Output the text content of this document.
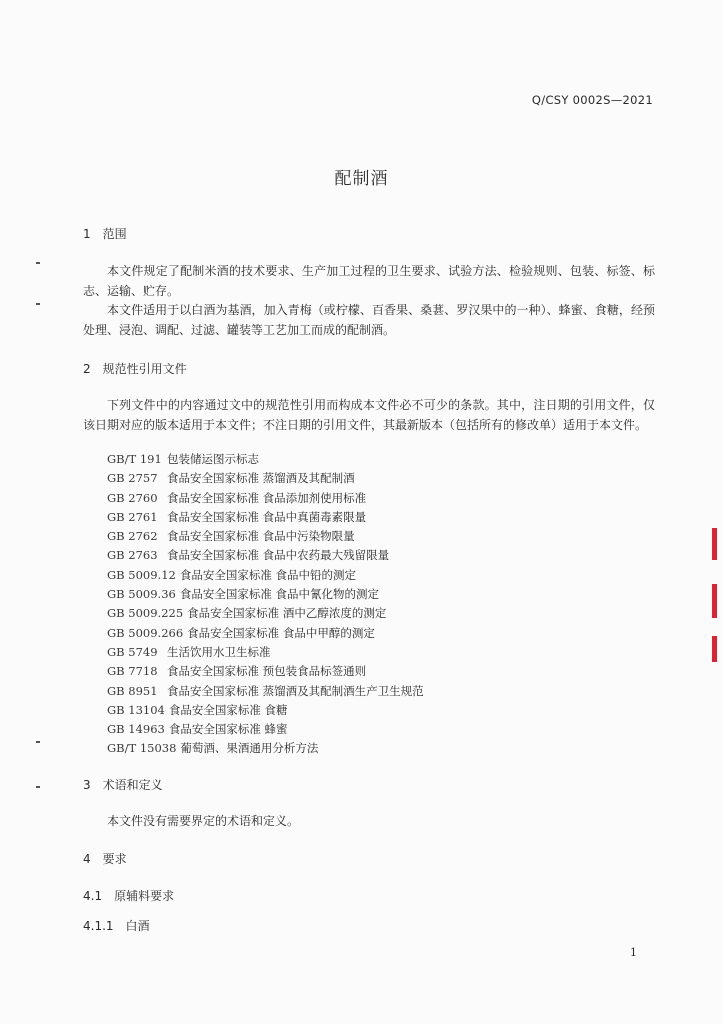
Q/CSY 0002S—2021
配制酒
1 范围
本文件规定了配制米酒的技术要求、生产加工过程的卫生要求、试验方法、检验规则、包装、标签、标志、运输、贮存。
本文件适用于以白酒为基酒，加入青梅（或柠檬、百香果、桑葚、罗汉果中的一种）、蜂蜜、食糖，经预处理、浸泡、调配、过滤、罐装等工艺加工而成的配制酒。
2 规范性引用文件
下列文件中的内容通过文中的规范性引用而构成本文件必不可少的条款。其中，注日期的引用文件，仅该日期对应的版本适用于本文件；不注日期的引用文件，其最新版本（包括所有的修改单）适用于本文件。
GB/T 191 包装储运图示标志
GB 2757 食品安全国家标准 蒸馏酒及其配制酒
GB 2760 食品安全国家标准 食品添加剂使用标准
GB 2761 食品安全国家标准 食品中真菌毒素限量
GB 2762 食品安全国家标准 食品中污染物限量
GB 2763 食品安全国家标准 食品中农药最大残留限量
GB 5009.12 食品安全国家标准 食品中铅的测定
GB 5009.36 食品安全国家标准 食品中氰化物的测定
GB 5009.225 食品安全国家标准 酒中乙醇浓度的测定
GB 5009.266 食品安全国家标准 食品中甲醇的测定
GB 5749 生活饮用水卫生标准
GB 7718 食品安全国家标准 预包装食品标签通则
GB 8951 食品安全国家标准 蒸馏酒及其配制酒生产卫生规范
GB 13104 食品安全国家标准 食糖
GB 14963 食品安全国家标准 蜂蜜
GB/T 15038 葡萄酒、果酒通用分析方法
3 术语和定义
本文件没有需要界定的术语和定义。
4 要求
4.1 原辅料要求
4.1.1 白酒
1
